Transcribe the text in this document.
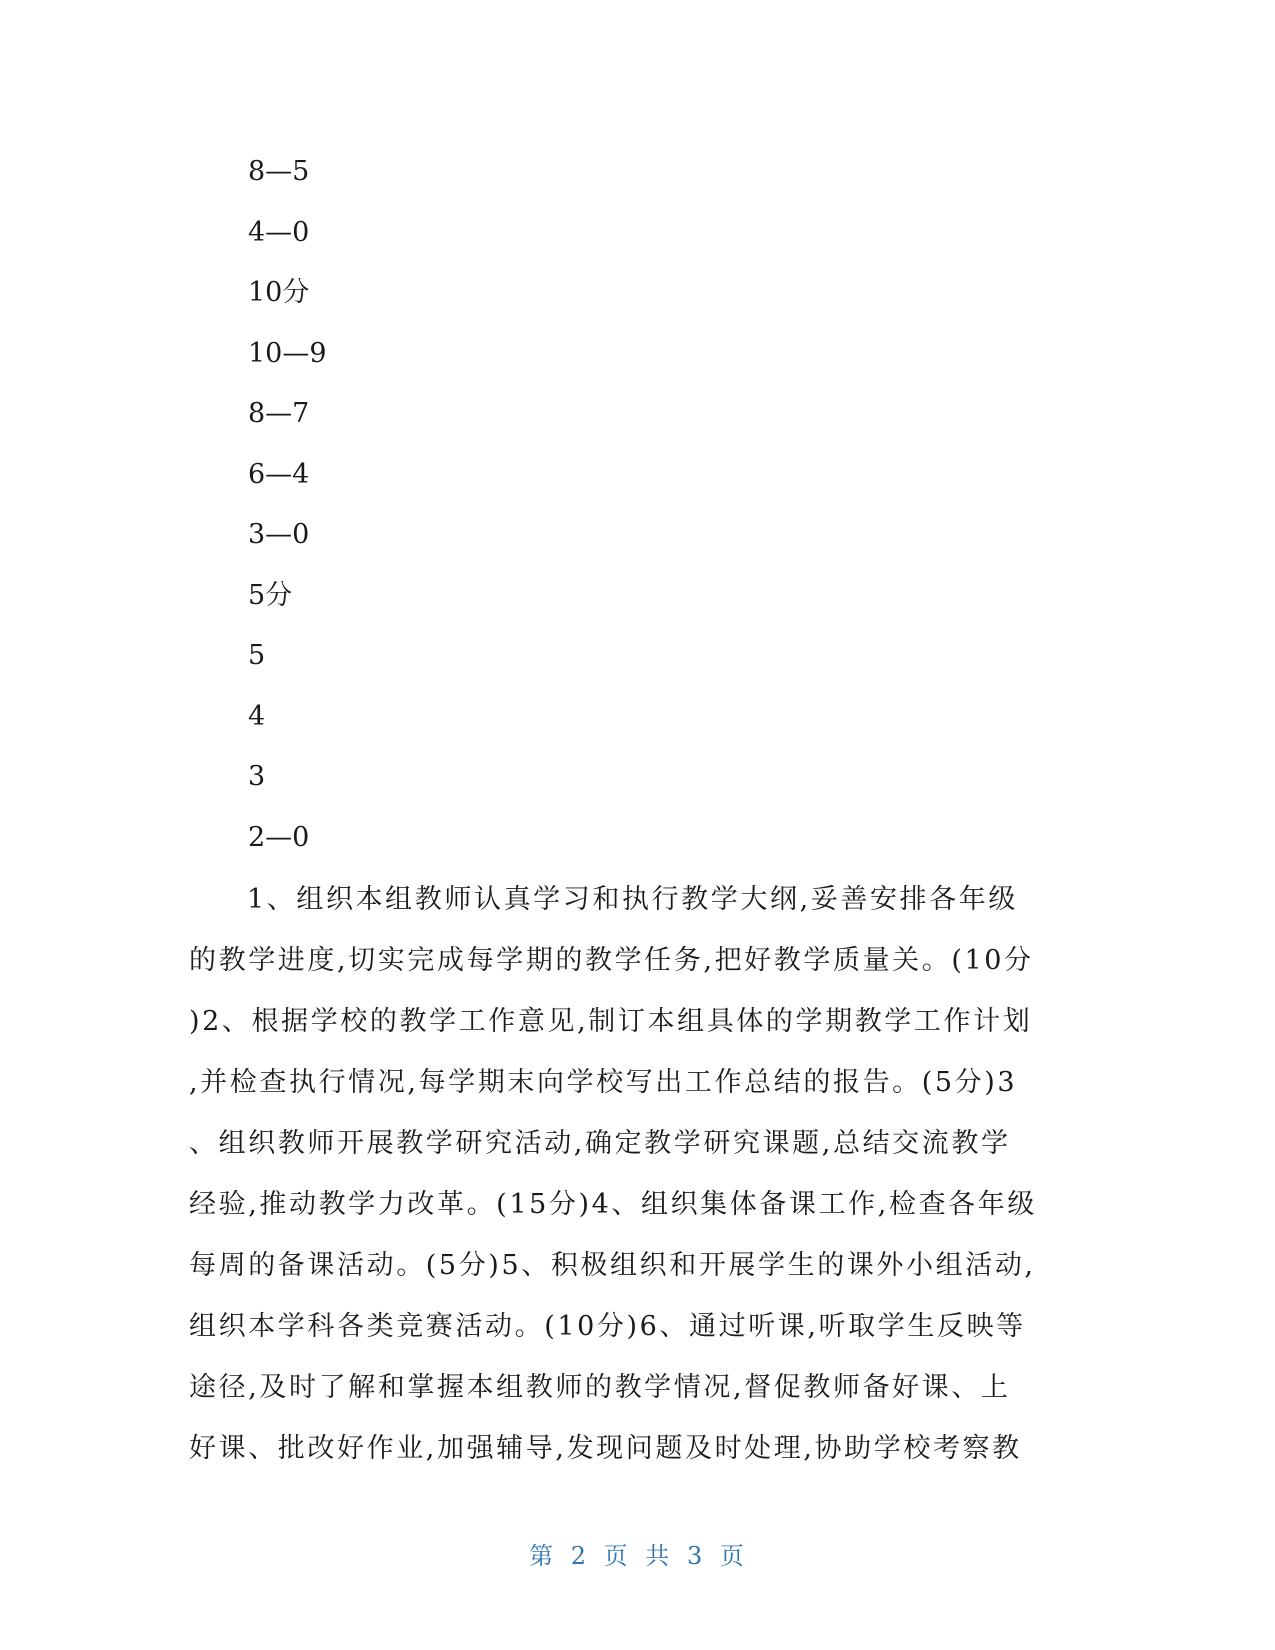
8—5
4—0
10分
10—9
8—7
6—4
3—0
5分
5
4
3
2—0
1、组织本组教师认真学习和执行教学大纲,妥善安排各年级
的教学进度,切实完成每学期的教学任务,把好教学质量关。(10分
)2、根据学校的教学工作意见,制订本组具体的学期教学工作计划
,并检查执行情况,每学期末向学校写出工作总结的报告。(5分)3
、组织教师开展教学研究活动,确定教学研究课题,总结交流教学
经验,推动教学力改革。(15分)4、组织集体备课工作,检查各年级
每周的备课活动。(5分)5、积极组织和开展学生的课外小组活动,
组织本学科各类竞赛活动。(10分)6、通过听课,听取学生反映等
途径,及时了解和掌握本组教师的教学情况,督促教师备好课、上
好课、批改好作业,加强辅导,发现问题及时处理,协助学校考察教
第 2 页 共 3 页
